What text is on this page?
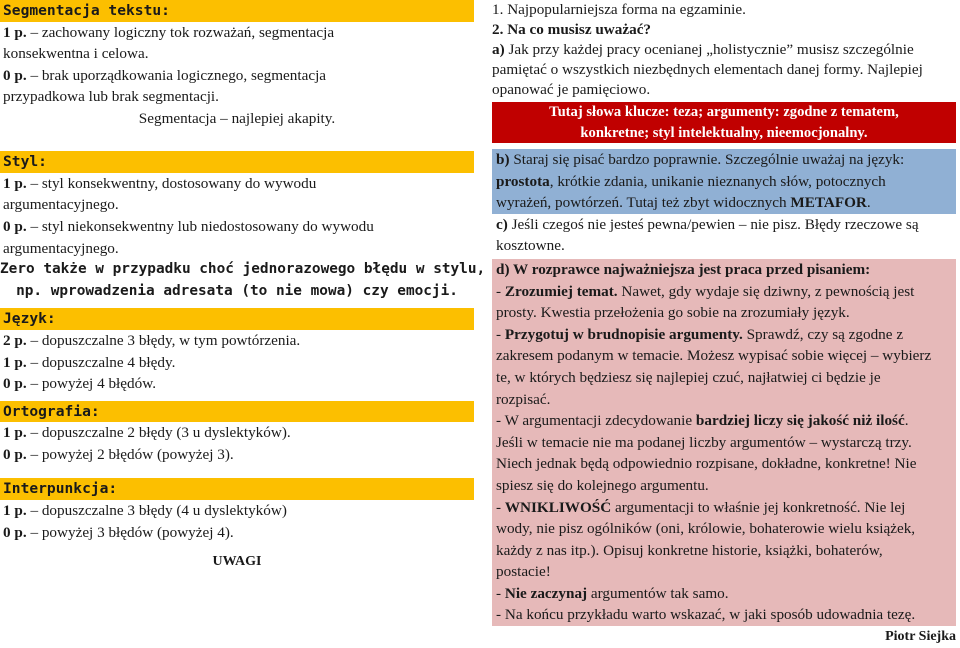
Segmentacja tekstu:
1 p. – zachowany logiczny tok rozważań, segmentacja
konsekwentna i celowa.
0 p. – brak uporządkowania logicznego, segmentacja
przypadkowa lub brak segmentacji.
Segmentacja – najlepiej akapity.
Styl:
1 p. – styl konsekwentny, dostosowany do wywodu
argumentacyjnego.
0 p. – styl niekonsekwentny lub niedostosowany do wywodu
argumentacyjnego.
Zero także w przypadku choć jednorazowego błędu w stylu,
np. wprowadzenia adresata (to nie mowa) czy emocji.
Język:
2 p. – dopuszczalne 3 błędy, w tym powtórzenia.
1 p. – dopuszczalne 4 błędy.
0 p. – powyżej 4 błędów.
Ortografia:
1 p. – dopuszczalne 2 błędy (3 u dyslektyków).
0 p. – powyżej 2 błędów (powyżej 3).
Interpunkcja:
1 p. – dopuszczalne 3 błędy (4 u dyslektyków)
0 p. – powyżej 3 błędów (powyżej 4).
UWAGI
1. Najpopularniejsza forma na egzaminie.
2. Na co musisz uważać?
a) Jak przy każdej pracy ocenianej „holistycznie” musisz szczególnie
pamiętać o wszystkich niezbędnych elementach danej formy. Najlepiej
opanować je pamięciowo.
Tutaj słowa klucze: teza; argumenty: zgodne z tematem,
konkretne; styl intelektualny, nieemocjonalny.
b) Staraj się pisać bardzo poprawnie. Szczególnie uważaj na język:
prostota, krótkie zdania, unikanie nieznanych słów, potocznych
wyrażeń, powtórzeń. Tutaj też zbyt widocznych METAFOR.
c) Jeśli czegoś nie jesteś pewna/pewien – nie pisz. Błędy rzeczowe są
kosztowne.
d) W rozprawce najważniejsza jest praca przed pisaniem:
- Zrozumiej temat. Nawet, gdy wydaje się dziwny, z pewnością jest
prosty. Kwestia przełożenia go sobie na zrozumiały język.
- Przygotuj w brudnopisie argumenty. Sprawdź, czy są zgodne z
zakresem podanym w temacie. Możesz wypisać sobie więcej – wybierz
te, w których będziesz się najlepiej czuć, najłatwiej ci będzie je
rozpisać.
- W argumentacji zdecydowanie bardziej liczy się jakość niż ilość.
Jeśli w temacie nie ma podanej liczby argumentów – wystarczą trzy.
Niech jednak będą odpowiednio rozpisane, dokładne, konkretne! Nie
spiesz się do kolejnego argumentu.
- WNIKLIWOŚĆ argumentacji to właśnie jej konkretność. Nie lej
wody, nie pisz ogólników (oni, królowie, bohaterowie wielu książek,
każdy z nas itp.). Opisuj konkretne historie, książki, bohaterów,
postacie!
- Nie zaczynaj argumentów tak samo.
- Na końcu przykładu warto wskazać, w jaki sposób udowadnia tezę.
Piotr Siejka
